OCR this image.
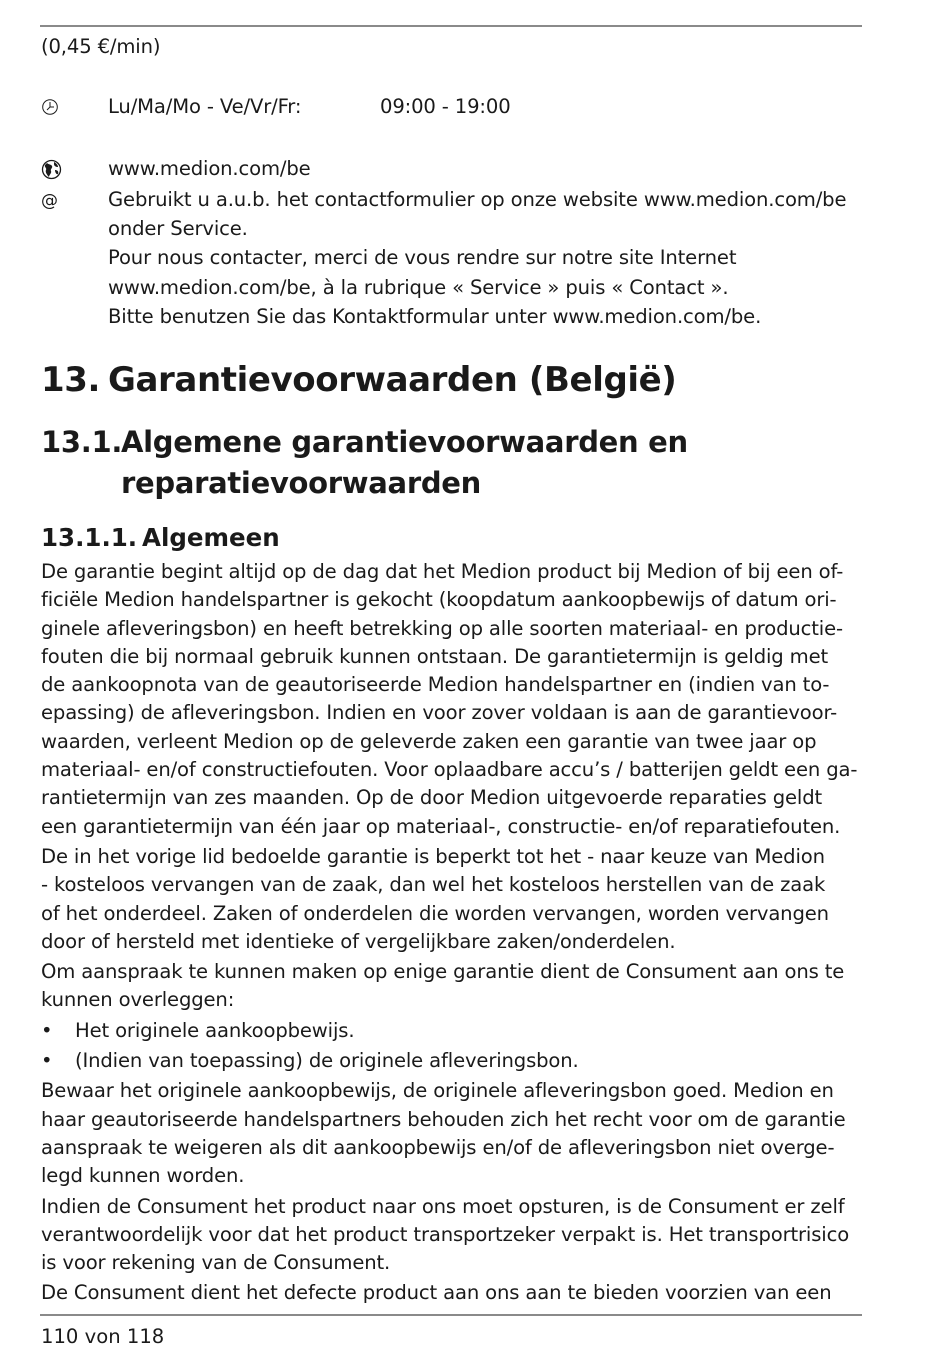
(0,45 €/min)
Lu/Ma/Mo - Ve/Vr/Fr:	09:00 - 19:00
www.medion.com/be
@	Gebruikt u a.u.b. het contactformulier op onze website www.medion.com/be
onder Service.
Pour nous contacter, merci de vous rendre sur notre site Internet
www.medion.com/be, à la rubrique « Service » puis « Contact ».
Bitte benutzen Sie das Kontaktformular unter www.medion.com/be.
13. Garantievoorwaarden (België)
13.1.
Algemene garantievoorwaarden en
reparatievoorwaarden
13.1.1. Algemeen
De garantie begint altijd op de dag dat het Medion product bij Medion of bij een of-
ficiële Medion handelspartner is gekocht (koopdatum aankoopbewijs of datum ori-
ginele afleveringsbon) en heeft betrekking op alle soorten materiaal- en productie-
fouten die bij normaal gebruik kunnen ontstaan. De garantietermijn is geldig met
de aankoopnota van de geautoriseerde Medion handelspartner en (indien van to-
epassing) de afleveringsbon. Indien en voor zover voldaan is aan de garantievoor-
waarden, verleent Medion op de geleverde zaken een garantie van twee jaar op
materiaal- en/of constructiefouten. Voor oplaadbare accu’s / batterijen geldt een ga-
rantietermijn van zes maanden. Op de door Medion uitgevoerde reparaties geldt
een garantietermijn van één jaar op materiaal-, constructie- en/of reparatiefouten.
De in het vorige lid bedoelde garantie is beperkt tot het - naar keuze van Medion
- kosteloos vervangen van de zaak, dan wel het kosteloos herstellen van de zaak
of het onderdeel. Zaken of onderdelen die worden vervangen, worden vervangen
door of hersteld met identieke of vergelijkbare zaken/onderdelen.
Om aanspraak te kunnen maken op enige garantie dient de Consument aan ons te
kunnen overleggen:
• Het originele aankoopbewijs.
• (Indien van toepassing) de originele afleveringsbon.
Bewaar het originele aankoopbewijs, de originele afleveringsbon goed. Medion en
haar geautoriseerde handelspartners behouden zich het recht voor om de garantie
aanspraak te weigeren als dit aankoopbewijs en/of de afleveringsbon niet overge-
legd kunnen worden.
Indien de Consument het product naar ons moet opsturen, is de Consument er zelf
verantwoordelijk voor dat het product transportzeker verpakt is. Het transportrisico
is voor rekening van de Consument.
De Consument dient het defecte product aan ons aan te bieden voorzien van een
110 von 118
